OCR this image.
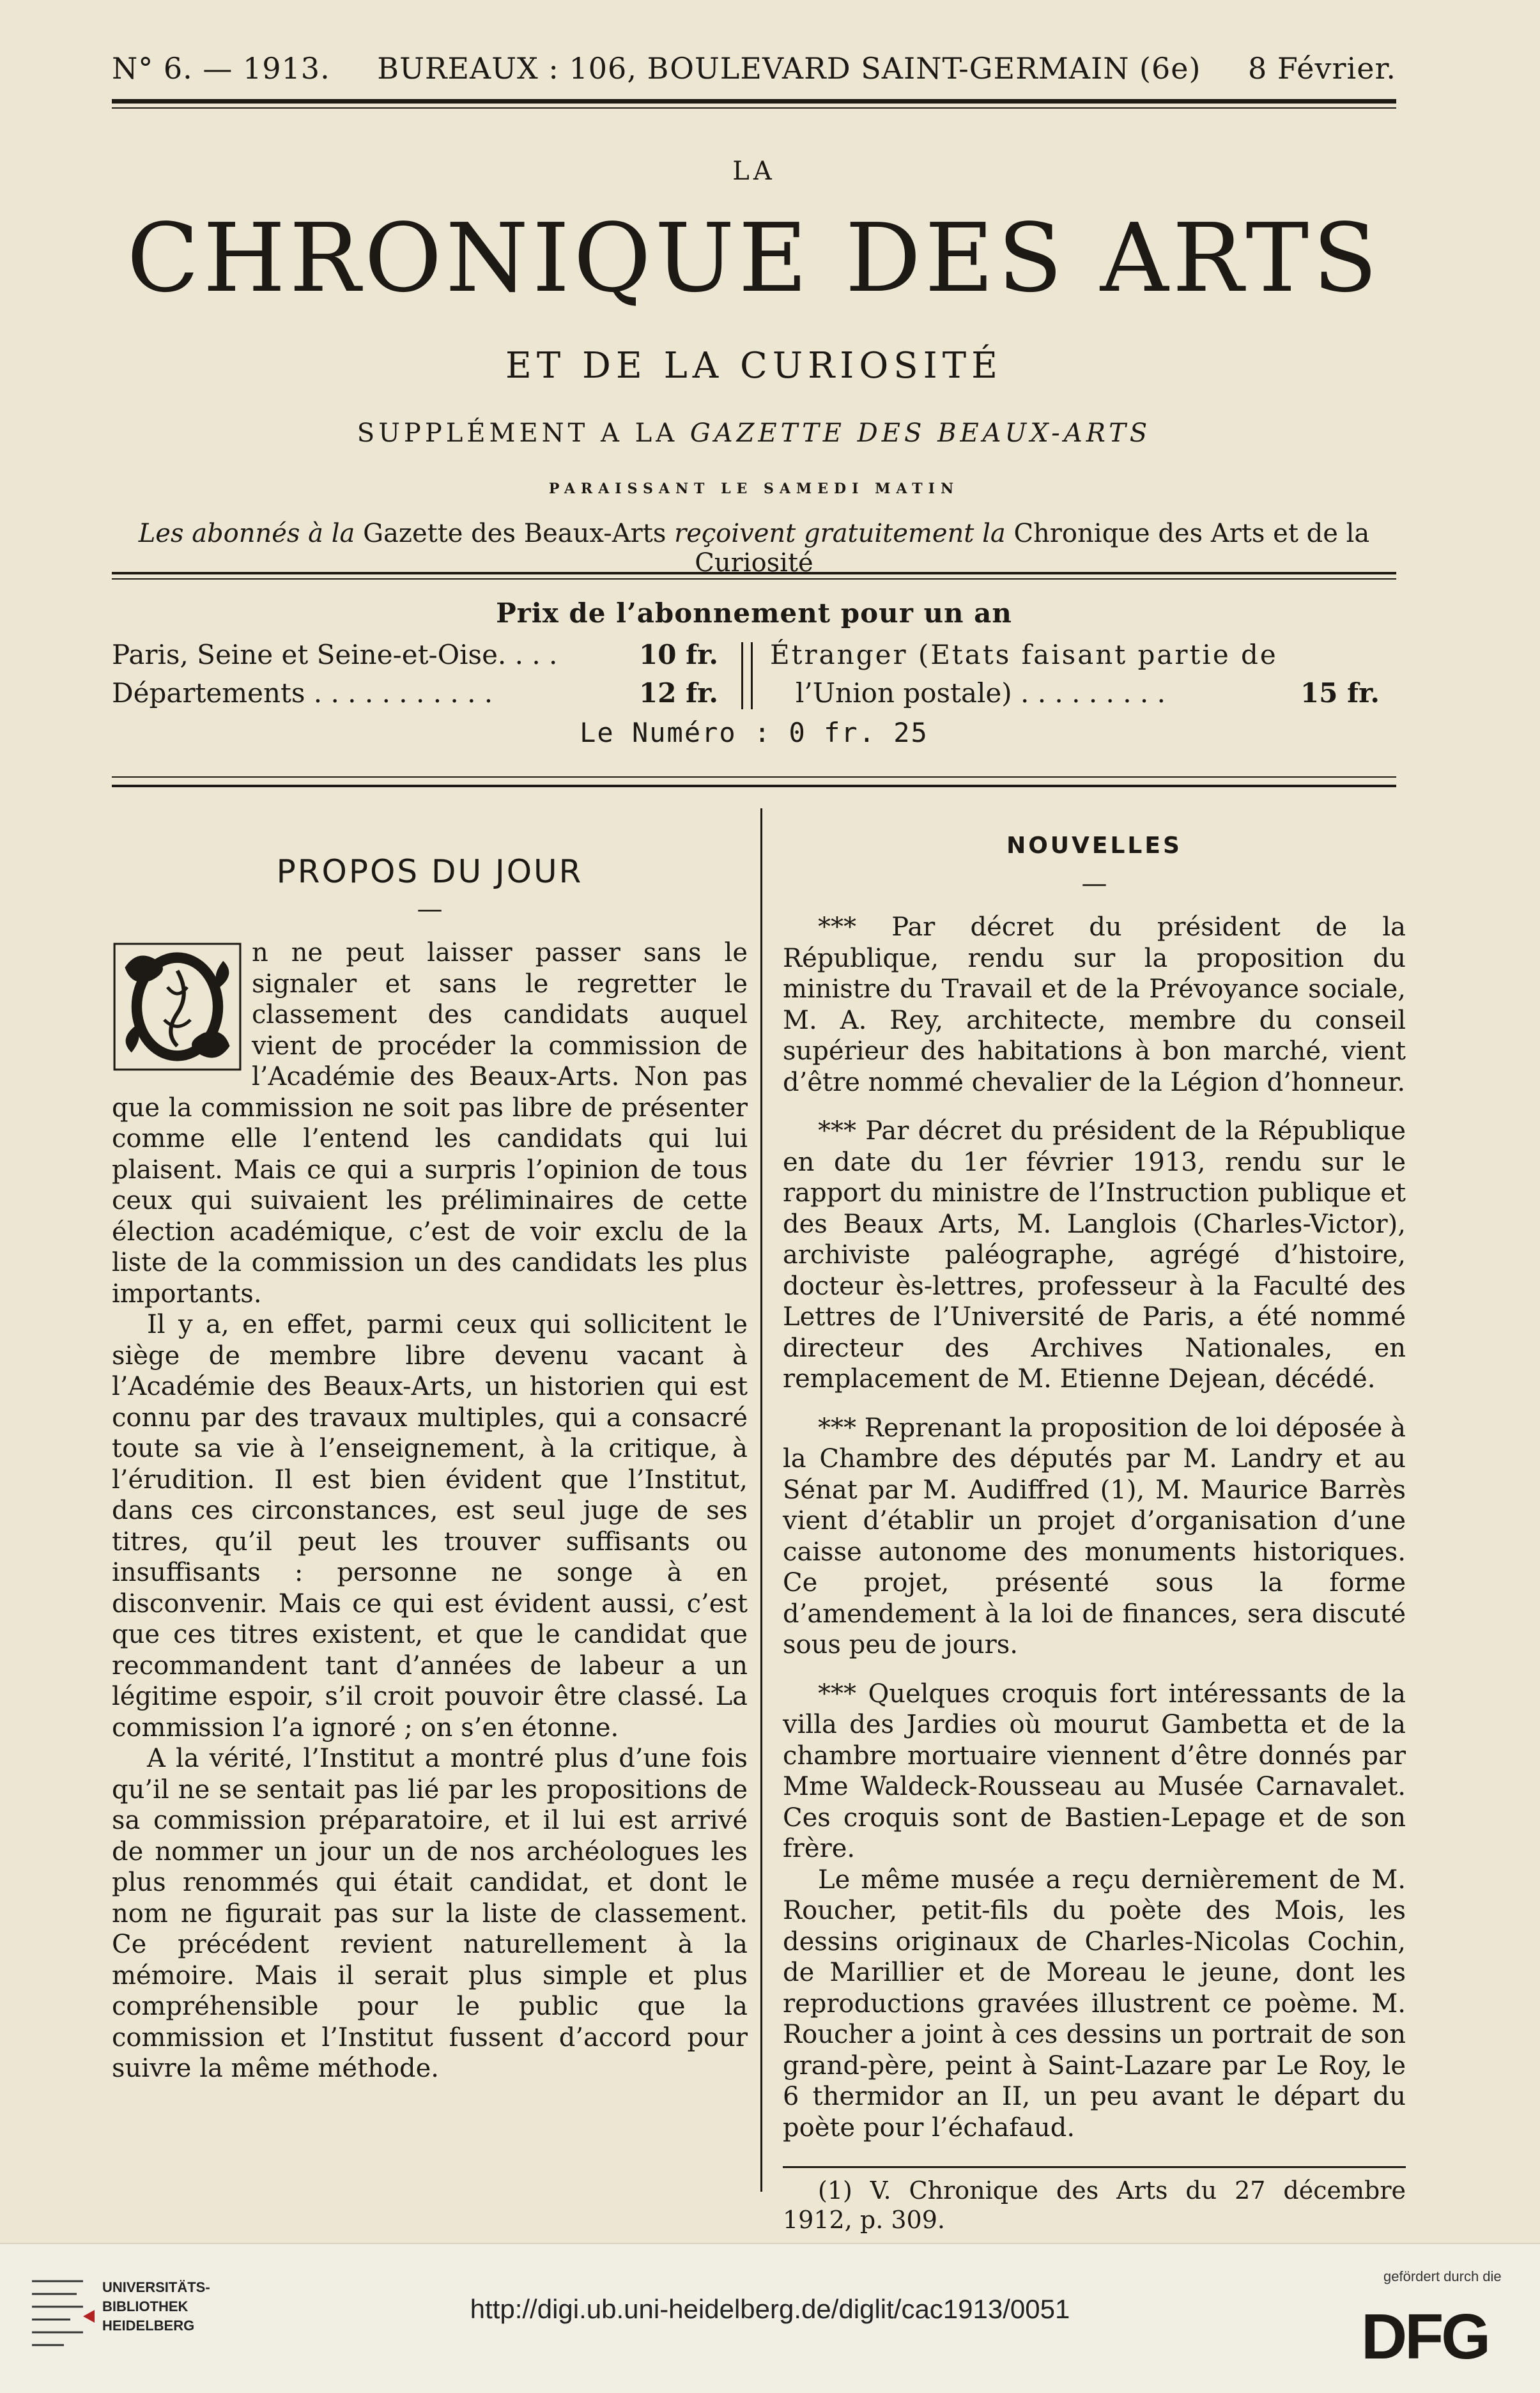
N° 6. — 1913. BUREAUX : 106, BOULEVARD SAINT-GERMAIN (6e) 8 Février.
LA
CHRONIQUE DES ARTS
ET DE LA CURIOSITÉ
SUPPLÉMENT A LA GAZETTE DES BEAUX-ARTS
PARAISSANT LE SAMEDI MATIN
Les abonnés à la Gazette des Beaux-Arts reçoivent gratuitement la Chronique des Arts et de la Curiosité
Prix de l’abonnement pour un an
Paris, Seine et Seine-et-Oise. . . .	10 fr.
Départements . . . . . . . . . . .	12 fr.
Étranger (Etats faisant partie de
l’Union postale) . . . . . . . . .	15 fr.
Le Numéro : 0 fr. 25
PROPOS DU JOUR
—

n ne peut laisser passer sans le signaler et sans le regretter le classement des candidats auquel vient de procéder la commission de l’Académie des Beaux-Arts. Non pas que la commission ne soit pas libre de présenter comme elle l’entend les candidats qui lui plaisent. Mais ce qui a surpris l’opinion de tous ceux qui suivaient les préliminaires de cette élection académique, c’est de voir exclu de la liste de la commission un des candidats les plus importants.

Il y a, en effet, parmi ceux qui sollicitent le siège de membre libre devenu vacant à l’Académie des Beaux-Arts, un historien qui est connu par des travaux multiples, qui a consacré toute sa vie à l’enseignement, à la critique, à l’érudition. Il est bien évident que l’Institut, dans ces circonstances, est seul juge de ses titres, qu’il peut les trouver suffisants ou insuffisants : personne ne songe à en disconvenir. Mais ce qui est évident aussi, c’est que ces titres existent, et que le candidat que recommandent tant d’années de labeur a un légitime espoir, s’il croit pouvoir être classé. La commission l’a ignoré ; on s’en étonne.

A la vérité, l’Institut a montré plus d’une fois qu’il ne se sentait pas lié par les propositions de sa commission préparatoire, et il lui est arrivé de nommer un jour un de nos archéologues les plus renommés qui était candidat, et dont le nom ne figurait pas sur la liste de classement. Ce précédent revient naturellement à la mémoire. Mais il serait plus simple et plus compréhensible pour le public que la commission et l’Institut fussent d’accord pour suivre la même méthode.

NOUVELLES
—

*** Par décret du président de la République, rendu sur la proposition du ministre du Travail et de la Prévoyance sociale, M. A. Rey, architecte, membre du conseil supérieur des habitations à bon marché, vient d’être nommé chevalier de la Légion d’honneur.

*** Par décret du président de la République en date du 1er février 1913, rendu sur le rapport du ministre de l’Instruction publique et des Beaux Arts, M. Langlois (Charles-Victor), archiviste paléographe, agrégé d’histoire, docteur ès-lettres, professeur à la Faculté des Lettres de l’Université de Paris, a été nommé directeur des Archives Nationales, en remplacement de M. Etienne Dejean, décédé.

*** Reprenant la proposition de loi déposée à la Chambre des députés par M. Landry et au Sénat par M. Audiffred (1), M. Maurice Barrès vient d’établir un projet d’organisation d’une caisse autonome des monuments historiques. Ce projet, présenté sous la forme d’amendement à la loi de finances, sera discuté sous peu de jours.

*** Quelques croquis fort intéressants de la villa des Jardies où mourut Gambetta et de la chambre mortuaire viennent d’être donnés par Mme Waldeck-Rousseau au Musée Carnavalet. Ces croquis sont de Bastien-Lepage et de son frère.

Le même musée a reçu dernièrement de M. Roucher, petit-fils du poète des Mois, les dessins originaux de Charles-Nicolas Cochin, de Marillier et de Moreau le jeune, dont les reproductions gravées illustrent ce poème. M. Roucher a joint à ces dessins un portrait de son grand-père, peint à Saint-Lazare par Le Roy, le 6 thermidor an II, un peu avant le départ du poète pour l’échafaud.

(1) V. Chronique des Arts du 27 décembre 1912, p. 309.
UNIVERSITÄTS-
BIBLIOTHEK
HEIDELBERG
http://digi.ub.uni-heidelberg.de/diglit/cac1913/0051
gefördert durch die
DFG
